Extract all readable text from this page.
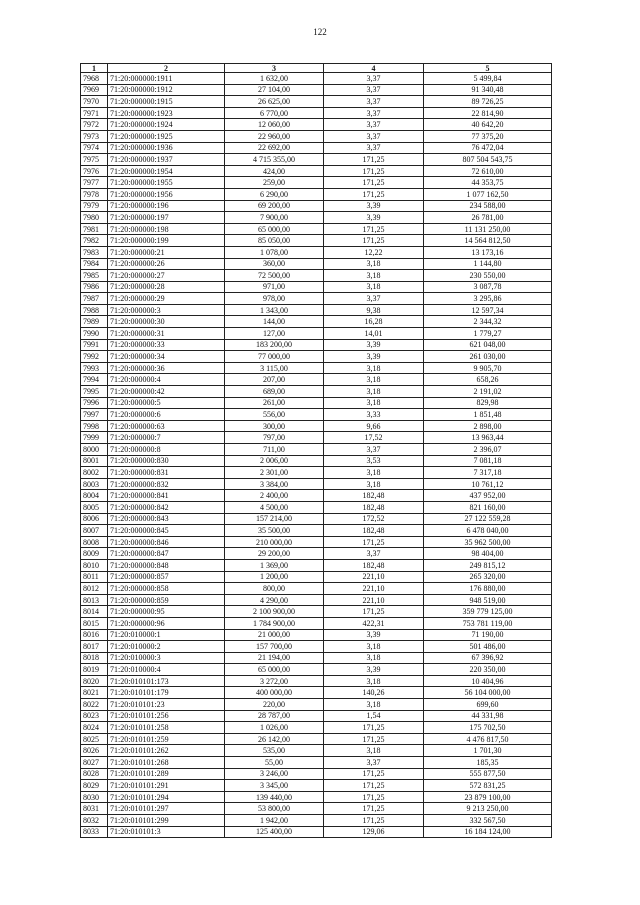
122
1	2	3	4	5
7968	71:20:000000:1911	1 632,00	3,37	5 499,84
7969	71:20:000000:1912	27 104,00	3,37	91 340,48
7970	71:20:000000:1915	26 625,00	3,37	89 726,25
7971	71:20:000000:1923	6 770,00	3,37	22 814,90
7972	71:20:000000:1924	12 060,00	3,37	40 642,20
7973	71:20:000000:1925	22 960,00	3,37	77 375,20
7974	71:20:000000:1936	22 692,00	3,37	76 472,04
7975	71:20:000000:1937	4 715 355,00	171,25	807 504 543,75
7976	71:20:000000:1954	424,00	171,25	72 610,00
7977	71:20:000000:1955	259,00	171,25	44 353,75
7978	71:20:000000:1956	6 290,00	171,25	1 077 162,50
7979	71:20:000000:196	69 200,00	3,39	234 588,00
7980	71:20:000000:197	7 900,00	3,39	26 781,00
7981	71:20:000000:198	65 000,00	171,25	11 131 250,00
7982	71:20:000000:199	85 050,00	171,25	14 564 812,50
7983	71:20:000000:21	1 078,00	12,22	13 173,16
7984	71:20:000000:26	360,00	3,18	1 144,80
7985	71:20:000000:27	72 500,00	3,18	230 550,00
7986	71:20:000000:28	971,00	3,18	3 087,78
7987	71:20:000000:29	978,00	3,37	3 295,86
7988	71:20:000000:3	1 343,00	9,38	12 597,34
7989	71:20:000000:30	144,00	16,28	2 344,32
7990	71:20:000000:31	127,00	14,01	1 779,27
7991	71:20:000000:33	183 200,00	3,39	621 048,00
7992	71:20:000000:34	77 000,00	3,39	261 030,00
7993	71:20:000000:36	3 115,00	3,18	9 905,70
7994	71:20:000000:4	207,00	3,18	658,26
7995	71:20:000000:42	689,00	3,18	2 191,02
7996	71:20:000000:5	261,00	3,18	829,98
7997	71:20:000000:6	556,00	3,33	1 851,48
7998	71:20:000000:63	300,00	9,66	2 898,00
7999	71:20:000000:7	797,00	17,52	13 963,44
8000	71:20:000000:8	711,00	3,37	2 396,07
8001	71:20:000000:830	2 006,00	3,53	7 081,18
8002	71:20:000000:831	2 301,00	3,18	7 317,18
8003	71:20:000000:832	3 384,00	3,18	10 761,12
8004	71:20:000000:841	2 400,00	182,48	437 952,00
8005	71:20:000000:842	4 500,00	182,48	821 160,00
8006	71:20:000000:843	157 214,00	172,52	27 122 559,28
8007	71:20:000000:845	35 500,00	182,48	6 478 040,00
8008	71:20:000000:846	210 000,00	171,25	35 962 500,00
8009	71:20:000000:847	29 200,00	3,37	98 404,00
8010	71:20:000000:848	1 369,00	182,48	249 815,12
8011	71:20:000000:857	1 200,00	221,10	265 320,00
8012	71:20:000000:858	800,00	221,10	176 880,00
8013	71:20:000000:859	4 290,00	221,10	948 519,00
8014	71:20:000000:95	2 100 900,00	171,25	359 779 125,00
8015	71:20:000000:96	1 784 900,00	422,31	753 781 119,00
8016	71:20:010000:1	21 000,00	3,39	71 190,00
8017	71:20:010000:2	157 700,00	3,18	501 486,00
8018	71:20:010000:3	21 194,00	3,18	67 396,92
8019	71:20:010000:4	65 000,00	3,39	220 350,00
8020	71:20:010101:173	3 272,00	3,18	10 404,96
8021	71:20:010101:179	400 000,00	140,26	56 104 000,00
8022	71:20:010101:23	220,00	3,18	699,60
8023	71:20:010101:256	28 787,00	1,54	44 331,98
8024	71:20:010101:258	1 026,00	171,25	175 702,50
8025	71:20:010101:259	26 142,00	171,25	4 476 817,50
8026	71:20:010101:262	535,00	3,18	1 701,30
8027	71:20:010101:268	55,00	3,37	185,35
8028	71:20:010101:289	3 246,00	171,25	555 877,50
8029	71:20:010101:291	3 345,00	171,25	572 831,25
8030	71:20:010101:294	139 440,00	171,25	23 879 100,00
8031	71:20:010101:297	53 800,00	171,25	9 213 250,00
8032	71:20:010101:299	1 942,00	171,25	332 567,50
8033	71:20:010101:3	125 400,00	129,06	16 184 124,00
